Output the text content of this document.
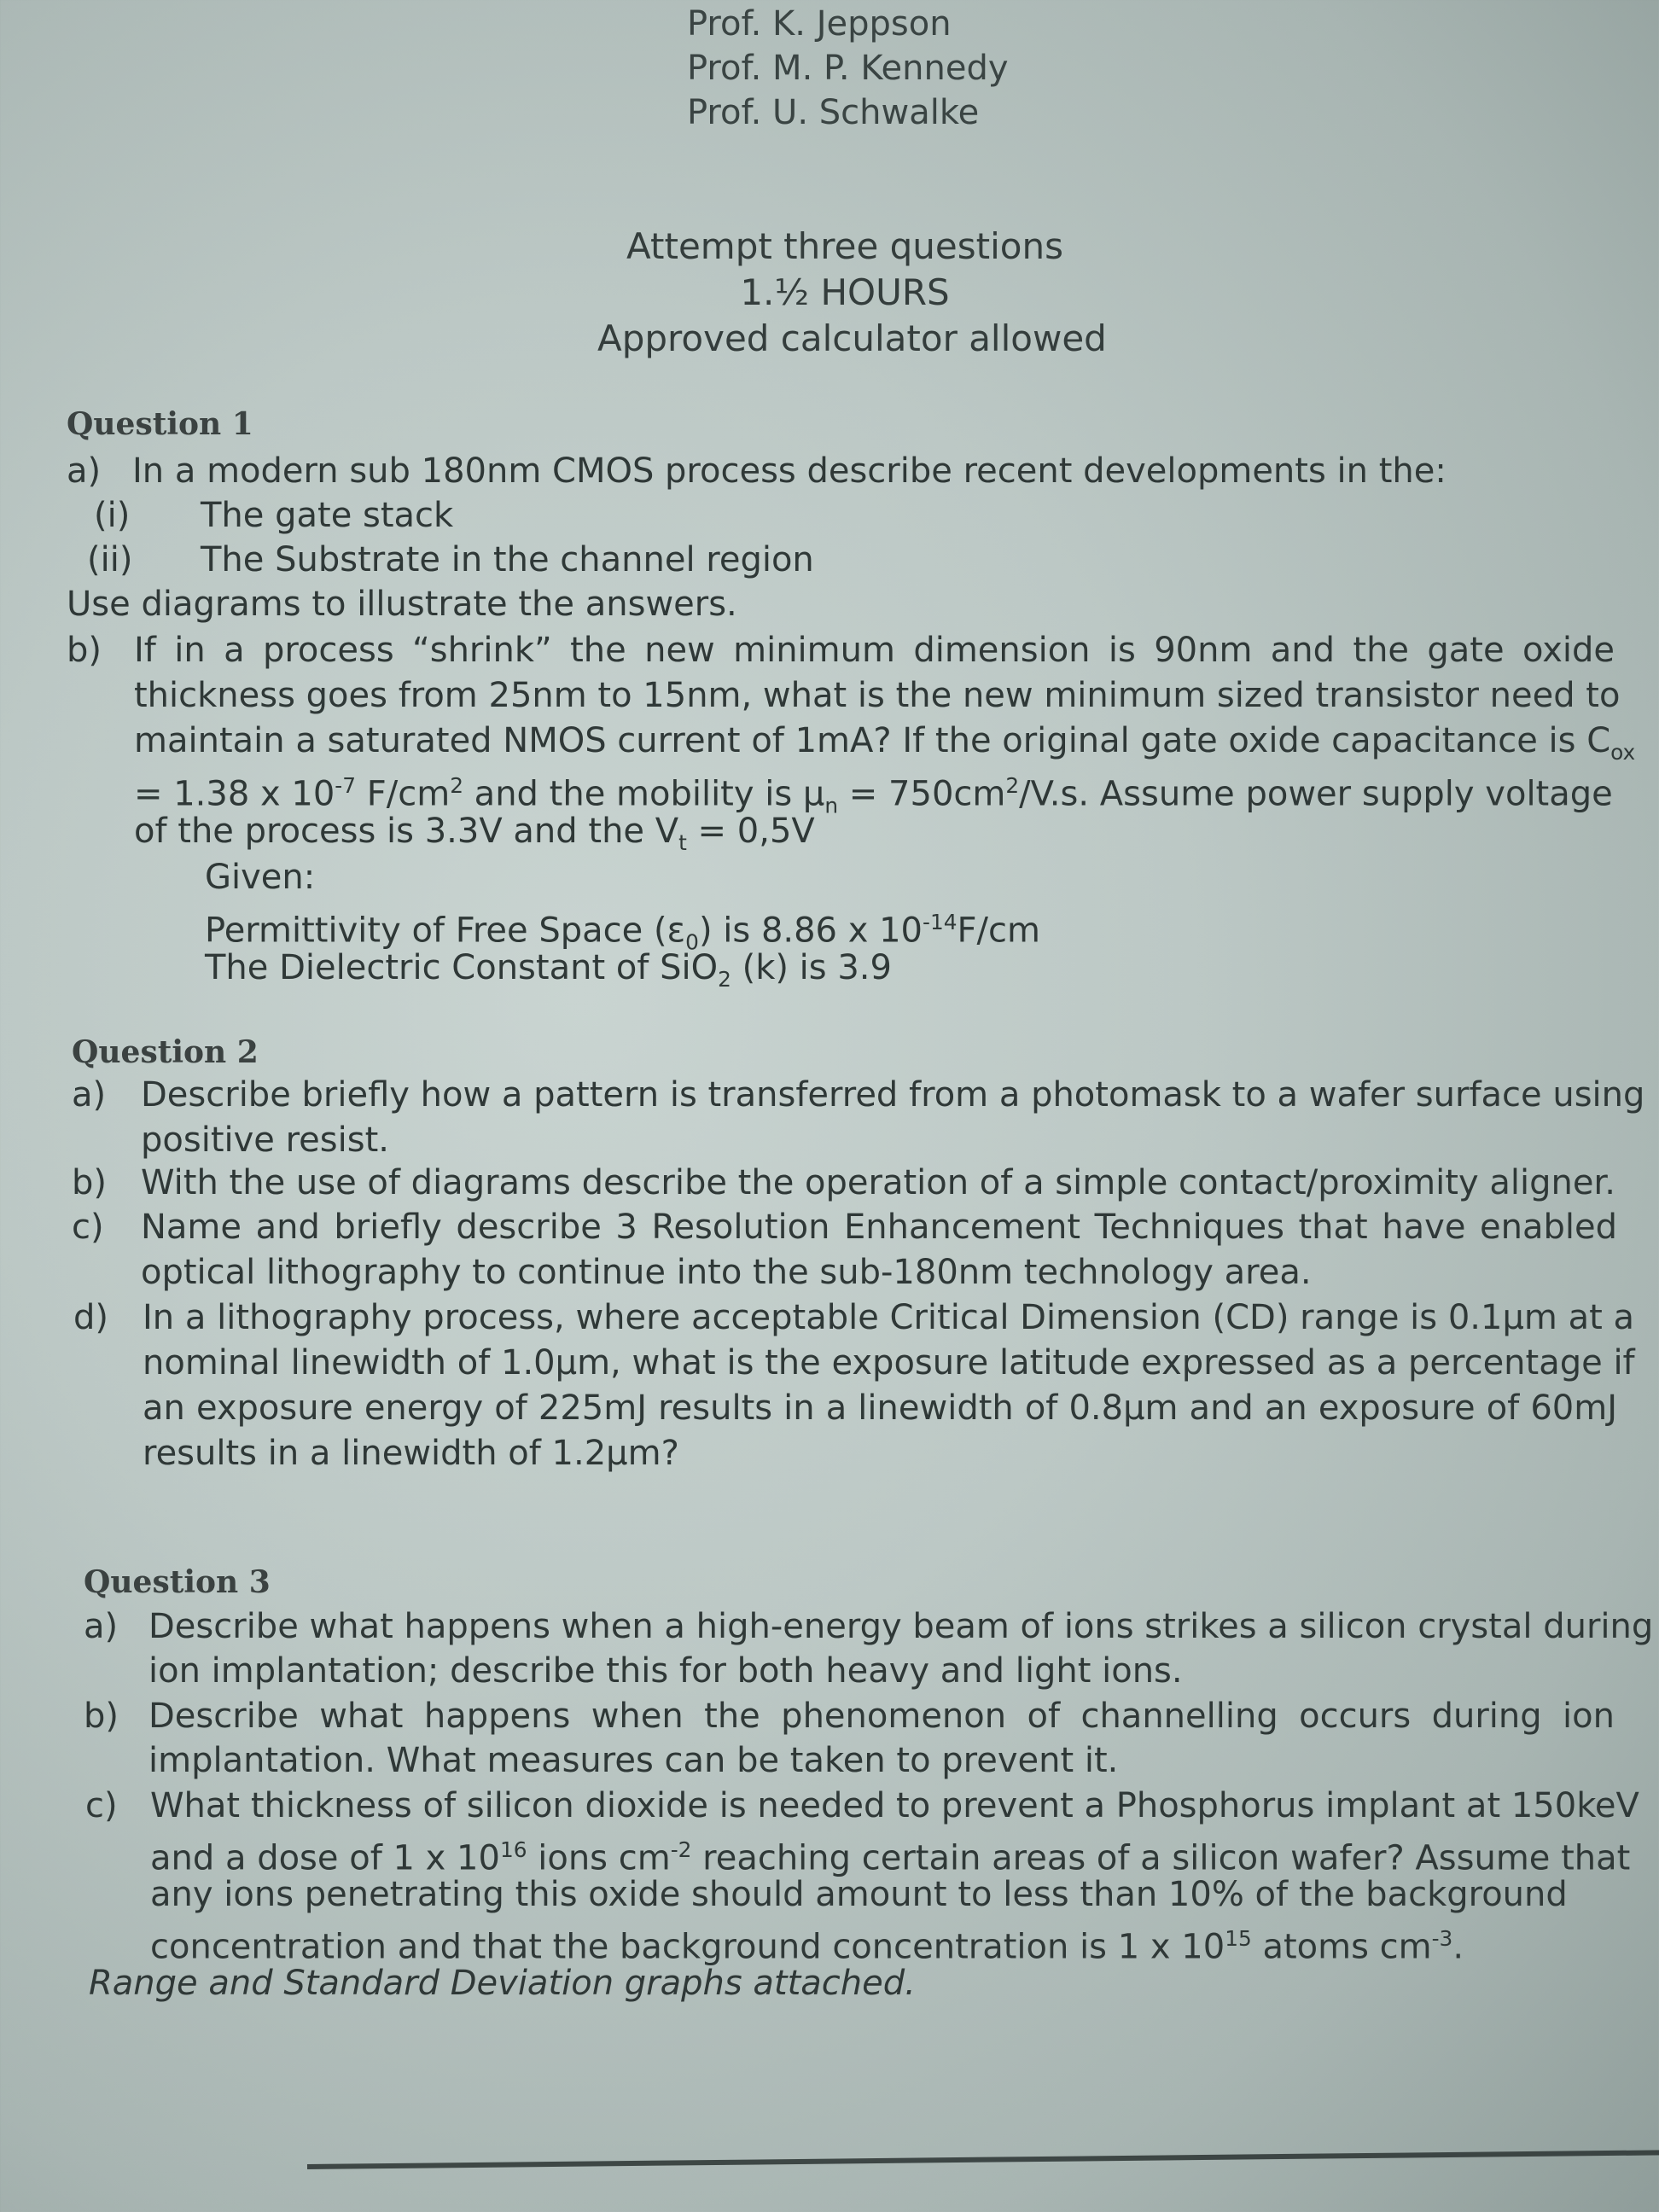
Prof. K. Jeppson
Prof. M. P. Kennedy
Prof. U. Schwalke
Attempt three questions
1.½ HOURS
Approved calculator allowed
Question 1
a) In a modern sub 180nm CMOS process describe recent developments in the:
(i) The gate stack
(ii) The Substrate in the channel region
Use diagrams to illustrate the answers.
b) If in a process “shrink” the new minimum dimension is 90nm and the gate oxide
thickness goes from 25nm to 15nm, what is the new minimum sized transistor need to
maintain a saturated NMOS current of 1mA? If the original gate oxide capacitance is $C_{ox}$
= 1.38 x $10^{-7}$ $F/cm^2$ and the mobility is $\mu_n = 750cm^2/V.s$. Assume power supply voltage
of the process is 3.3V and the $V_t = 0,5V$
Given:
Permittivity of Free Space $(\varepsilon_0)$ is 8.86 x $10^{-14}F/cm$
The Dielectric Constant of SiO$_2$ (k) is 3.9
Question 2
a) Describe briefly how a pattern is transferred from a photomask to a wafer surface using
positive resist.
b) With the use of diagrams describe the operation of a simple contact/proximity aligner.
c) Name and briefly describe 3 Resolution Enhancement Techniques that have enabled
optical lithography to continue into the sub-180nm technology area.
d) In a lithography process, where acceptable Critical Dimension (CD) range is 0.1μm at a
nominal linewidth of 1.0μm, what is the exposure latitude expressed as a percentage if
an exposure energy of 225mJ results in a linewidth of 0.8μm and an exposure of 60mJ
results in a linewidth of 1.2μm?
Question 3
a) Describe what happens when a high-energy beam of ions strikes a silicon crystal during
ion implantation; describe this for both heavy and light ions.
b) Describe what happens when the phenomenon of channelling occurs during ion
implantation. What measures can be taken to prevent it.
c) What thickness of silicon dioxide is needed to prevent a Phosphorus implant at 150keV
and a dose of 1 x $10^{16}$ ions $cm^{-2}$ reaching certain areas of a silicon wafer? Assume that
any ions penetrating this oxide should amount to less than 10% of the background
concentration and that the background concentration is 1 x $10^{15}$ atoms $cm^{-3}$.
Range and Standard Deviation graphs attached.
